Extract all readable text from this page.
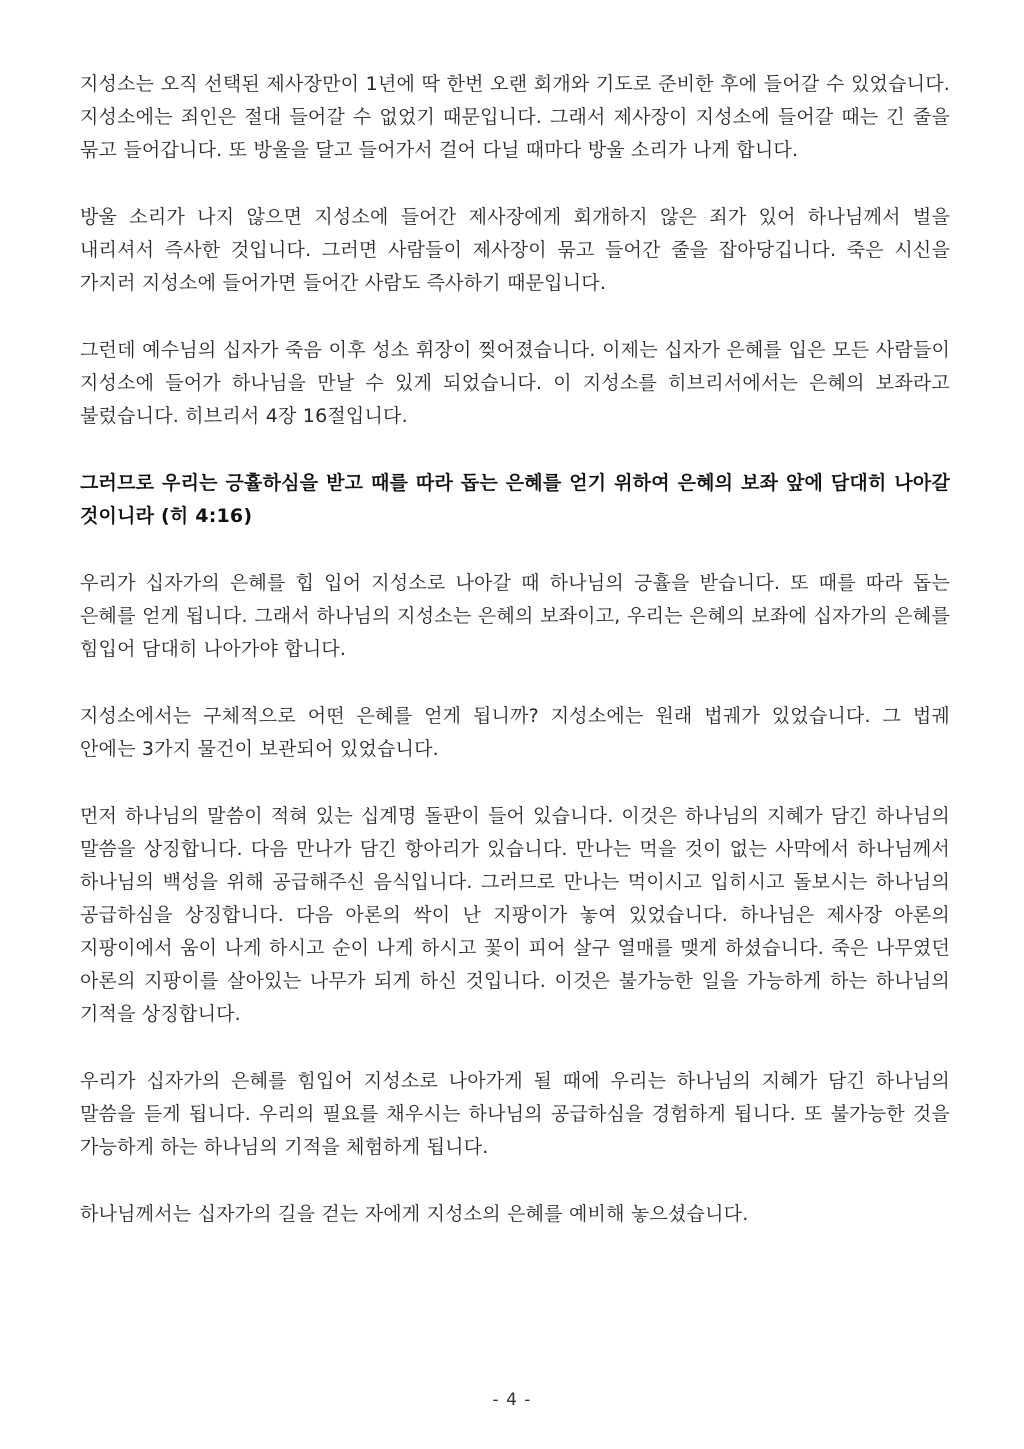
지성소는 오직 선택된 제사장만이 1년에 딱 한번 오랜 회개와 기도로 준비한 후에 들어갈 수 있었습니다. 지성소에는 죄인은 절대 들어갈 수 없었기 때문입니다. 그래서 제사장이 지성소에 들어갈 때는 긴 줄을 묶고 들어갑니다. 또 방울을 달고 들어가서 걸어 다닐 때마다 방울 소리가 나게 합니다.

방울 소리가 나지 않으면 지성소에 들어간 제사장에게 회개하지 않은 죄가 있어 하나님께서 벌을 내리셔서 즉사한 것입니다. 그러면 사람들이 제사장이 묶고 들어간 줄을 잡아당깁니다. 죽은 시신을 가지러 지성소에 들어가면 들어간 사람도 즉사하기 때문입니다.

그런데 예수님의 십자가 죽음 이후 성소 휘장이 찢어졌습니다. 이제는 십자가 은혜를 입은 모든 사람들이 지성소에 들어가 하나님을 만날 수 있게 되었습니다. 이 지성소를 히브리서에서는 은혜의 보좌라고 불렀습니다. 히브리서 4장 16절입니다.

그러므로 우리는 긍휼하심을 받고 때를 따라 돕는 은혜를 얻기 위하여 은혜의 보좌 앞에 담대히 나아갈 것이니라 (히 4:16)

우리가 십자가의 은혜를 힙 입어 지성소로 나아갈 때 하나님의 긍휼을 받습니다. 또 때를 따라 돕는 은혜를 얻게 됩니다. 그래서 하나님의 지성소는 은혜의 보좌이고, 우리는 은혜의 보좌에 십자가의 은혜를 힘입어 담대히 나아가야 합니다.

지성소에서는 구체적으로 어떤 은혜를 얻게 됩니까? 지성소에는 원래 법궤가 있었습니다. 그 법궤 안에는 3가지 물건이 보관되어 있었습니다.

먼저 하나님의 말씀이 적혀 있는 십계명 돌판이 들어 있습니다. 이것은 하나님의 지혜가 담긴 하나님의 말씀을 상징합니다. 다음 만나가 담긴 항아리가 있습니다. 만나는 먹을 것이 없는 사막에서 하나님께서 하나님의 백성을 위해 공급해주신 음식입니다. 그러므로 만나는 먹이시고 입히시고 돌보시는 하나님의 공급하심을 상징합니다. 다음 아론의 싹이 난 지팡이가 놓여 있었습니다. 하나님은 제사장 아론의 지팡이에서 움이 나게 하시고 순이 나게 하시고 꽃이 피어 살구 열매를 맺게 하셨습니다. 죽은 나무였던 아론의 지팡이를 살아있는 나무가 되게 하신 것입니다. 이것은 불가능한 일을 가능하게 하는 하나님의 기적을 상징합니다.

우리가 십자가의 은혜를 힘입어 지성소로 나아가게 될 때에 우리는 하나님의 지혜가 담긴 하나님의 말씀을 듣게 됩니다. 우리의 필요를 채우시는 하나님의 공급하심을 경험하게 됩니다. 또 불가능한 것을 가능하게 하는 하나님의 기적을 체험하게 됩니다.

하나님께서는 십자가의 길을 걷는 자에게 지성소의 은혜를 예비해 놓으셨습니다.

- 4 -
